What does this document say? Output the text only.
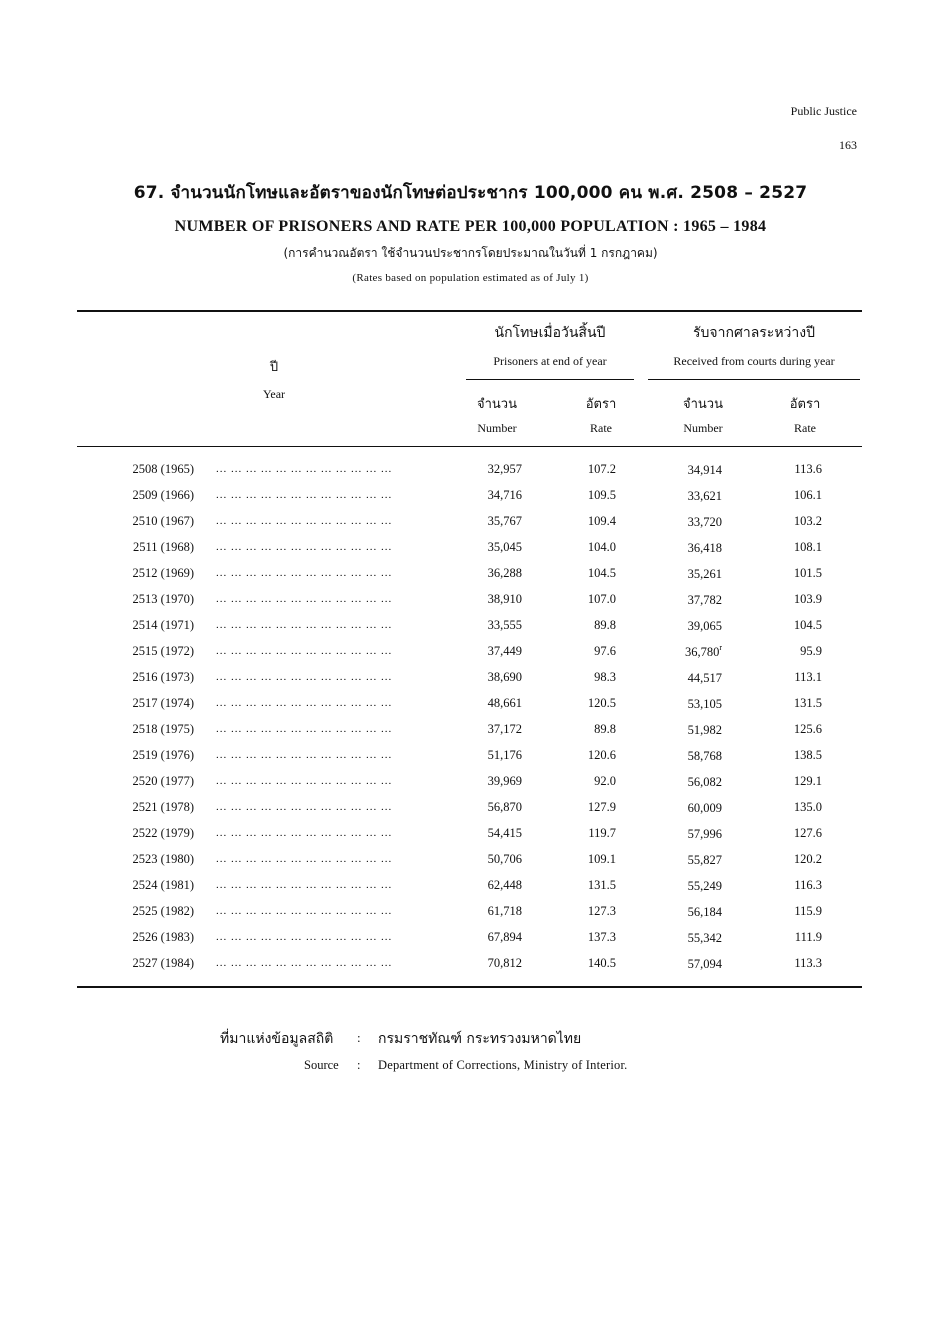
Public Justice
163
67. จำนวนนักโทษและอัตราของนักโทษต่อประชากร 100,000 คน พ.ศ. 2508 – 2527
NUMBER OF PRISONERS AND RATE PER 100,000 POPULATION : 1965 – 1984
(การคำนวณอัตรา ใช้จำนวนประชากรโดยประมาณในวันที่ 1 กรกฎาคม)
(Rates based on population estimated as of July 1)
ปี
Year
นักโทษเมื่อวันสิ้นปี
Prisoners at end of year
รับจากศาลระหว่างปี
Received from courts during year
จำนวน
Number
อัตรา
Rate
จำนวน
Number
อัตรา
Rate
2508 (1965) ... ... ... ... ... ... ... ... ... ... ... ...	32,957	107.2	34,914	113.6
2509 (1966) ... ... ... ... ... ... ... ... ... ... ... ...	34,716	109.5	33,621	106.1
2510 (1967) ... ... ... ... ... ... ... ... ... ... ... ...	35,767	109.4	33,720	103.2
2511 (1968) ... ... ... ... ... ... ... ... ... ... ... ...	35,045	104.0	36,418	108.1
2512 (1969) ... ... ... ... ... ... ... ... ... ... ... ...	36,288	104.5	35,261	101.5
2513 (1970) ... ... ... ... ... ... ... ... ... ... ... ...	38,910	107.0	37,782	103.9
2514 (1971) ... ... ... ... ... ... ... ... ... ... ... ...	33,555	89.8	39,065	104.5
2515 (1972) ... ... ... ... ... ... ... ... ... ... ... ...	37,449	97.6	36,780$^r$	95.9
2516 (1973) ... ... ... ... ... ... ... ... ... ... ... ...	38,690	98.3	44,517	113.1
2517 (1974) ... ... ... ... ... ... ... ... ... ... ... ...	48,661	120.5	53,105	131.5
2518 (1975) ... ... ... ... ... ... ... ... ... ... ... ...	37,172	89.8	51,982	125.6
2519 (1976) ... ... ... ... ... ... ... ... ... ... ... ...	51,176	120.6	58,768	138.5
2520 (1977) ... ... ... ... ... ... ... ... ... ... ... ...	39,969	92.0	56,082	129.1
2521 (1978) ... ... ... ... ... ... ... ... ... ... ... ...	56,870	127.9	60,009	135.0
2522 (1979) ... ... ... ... ... ... ... ... ... ... ... ...	54,415	119.7	57,996	127.6
2523 (1980) ... ... ... ... ... ... ... ... ... ... ... ...	50,706	109.1	55,827	120.2
2524 (1981) ... ... ... ... ... ... ... ... ... ... ... ...	62,448	131.5	55,249	116.3
2525 (1982) ... ... ... ... ... ... ... ... ... ... ... ...	61,718	127.3	56,184	115.9
2526 (1983) ... ... ... ... ... ... ... ... ... ... ... ...	67,894	137.3	55,342	111.9
2527 (1984) ... ... ... ... ... ... ... ... ... ... ... ...	70,812	140.5	57,094	113.3
ที่มาแห่งข้อมูลสถิติ : กรมราชทัณฑ์ กระทรวงมหาดไทย
Source : Department of Corrections, Ministry of Interior.
